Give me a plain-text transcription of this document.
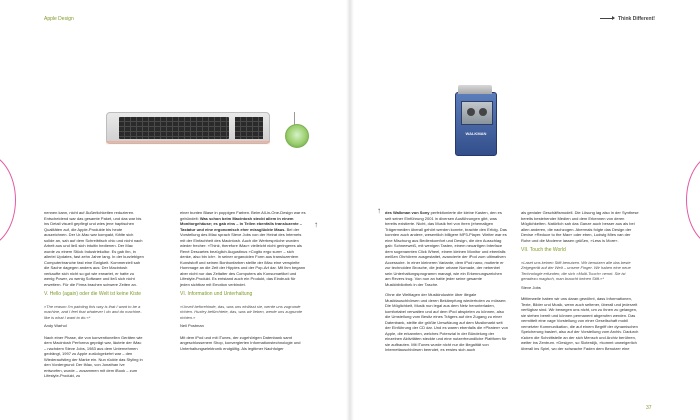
Apple Design	Think Different!
WALKMAN

nennen kann, nicht auf Äußerlichkeiten reduzieren. Entscheidend war das gesamte Paket, und das war bis ins Detail visuell gepflegt und wies jene haptischen Qualitäten auf, die Apple-Produkte bis heute auszeichnen. Der Ur-Mac war kompakt, fühlte sich solide an, sah auf dem Schreibtisch chic und nicht nach Arbeit aus und ließ sich intuitiv bedienen. Der Mac wurde zu einem Stück Industriekultur. Es gab ihn, in allerlei Updates, fast zehn Jahre lang. In der kurzlebigen Computerbranche fast eine Ewigkeit. Kommerziell sah die Sache dagegen anders aus: Der Macintosh verkaufte sich nicht so gut wie erwartet, er hatte zu wenig Power, zu wenig Software und ließ sich nicht erweitern. Für die Firma brachen schwere Zeiten an.

V. Hello (again) oder die Welt ist keine Kiste

»The reason I'm painting this way is that I want to be a machine, and I feel that whatever I do and do machine-like is what I want to do.«*

Andy Warhol

Nach einer Phase, die von konventionellen Geräten wie dem Macintosh Performa geprägt war, läutete der iMac – nachdem Steve Jobs, 1983 aus dem Unternehmen gedrängt, 1997 zu Apple zurückgekehrt war – den Wiederaufstieg der Marke ein. Nun rückte das Styling in den Vordergrund: Der iMac, von Jonathan Ive entworfen, wurde – zusammen mit dem iBook – zum Lifestyle-Produkt, zu

einer bunten Blase in poppigen Farben. Beim All-in-One-Design war es gebündelt: Was schon beim Macintosh steckt allem in einem Monitorgehäuse; es gab eins – in Teilen ebenfalls transluzente – Tastatur und eine ergonomisch eher missglückte Maus. Bei der Vorstellung des iMac sprach Steve Jobs von der Heirat des Internets mit der Einfachheit des Macintosh. Auch die Werbesprüche wurden wieder frecher: »Think, therefore iMac« vielleicht nicht geringeres als René Descartes bezüglich Augustinus »Cogito ergo sum« – sich denke, also bin ich«. In seiner organoiden Form aus transluzentem Kunststoff und seinen Bonbonfarben stellte der iMac eine verspielte Hommage an die Zeit der Hippies und der Pop-Art dar. Mit ihm begann aber nicht nur das Zeitalter des Computers als Konsumartikel und Lifestyle-Produkt. Es entstand auch ein Produkt, das Eindruck für jeden sichtbar mit Emotion verbindet.

VI. Information und Unterhaltung

»Unveil beforehinde, das, was uns einlässt sie, werde uns zugrunde richten. Huxley befürchtete, das, was wir lieben, werde uns zugrunde richten.«

Neil Postman

Mit dem iPod und mit iTunes, der zugehörigen Datenbank samt angeschlossenem Shop, konvergierten Informationstechnologie und Unterhaltungselektronik endgültig. Als legitimer Nachfolger

↑
↑ des Walkman von Sony perfektionierte die kleine Kasten, den es seit seiner Einführung 2001 in diversen Ausführungen gibt, was bereits existierte. Nicht, das Musik frei von ihren (ehemaligen Trägermedien überall gehört werden konnte, brachte den Erfolg. Das konnten auch andere, wesentlich billigere MP3-Player. Weiter war es eine Mischung aus Bedienkomfort und Design, die den Ausschlag gab: Schneeweiß, mit wenigen Tasten, einem neuartigen Interface dem sogenannten Click Wheel, einem kleinen Monitor und ebenfalls weißen Ohrhörern ausgestattet, avancierte der iPod zum ultimativen Accessoire. In einer kleineren Variante, dem iPod nano, mutierte er zur technoiden Brosche, die jeder urbane Nomade, der nebenbei sein Unterhaltungsprogramm managt, wie ein Erkennungszeichen am Revers trug. Von nun an hatte jeder seine gesamte Musikbibliothek in der Tasche.

Ohne die Weltlagen der Musikindustrie über illegale Musiktauschbörsen und deren Bekämpfung wiederholen zu müssen: Die Möglichkeit, Musik nun legal aus dem Netz herunterladen, komfortabel verwalten und auf dem iPod abspielen zu können, also die Umstellung vom Besitz eines Trägers auf den Zugang zu einer Datenbank, stellte die größte Umwälzung auf dem Musikmarkt seit der Einführung der CD dar. Und es waren ebenfalls die »Piraten« von Apple, die erkannten, welches Potenzial in der Bündelung der einzelnen Aktivitäten steckte und eine nutzerfreundliche Plattform für sie aufbauten. Mit iTunes wurde nicht nur die illegalität von Internettauschbörsen beendet, es erwies sich auch

als genialer Geschäftsmodell. Die Lösung lag also in der Synthese bereits bestehender Medien und dem Erkennen von deren Möglichkeiten. Natürlich sah das Ganze auch besser aus als bei allen anderen, die nachzogen. Abermals folgte das Design der Devise »Reduce to the Max« oder eben, Ludwig Mies van der Rohe und die Moderne lassen grüßen, »Less is More«.

VII. Touch the World

»Laset uns keinen Stift benutzen. Wir benutzen alle das beste Zeigegerät auf der Welt – unsere Finger. Wir haben eine neue Technologie erfunden, die sich »Multi-Touch« nennt. Sie ist geradezu magisch, man braucht keinen Stift.«*

Steve Jobs

Mittlerweile haben wir uns daran gewöhnt, dass Informationen, Texte, Bilder und Musik, wenn auch seltener, überall und jederzeit verfügbar sind. Wir bewegen uns nicht, um zu ihnen zu gelangen, sie stehen bereit und können permanent abgerufen werden. Das vermittelt eine vage Vorstellung von einer Gesellschaft mobil vernetzter Kommunikation, die auf einem Begriff der dynamischen Speicherung basiert, also auf der Vorstellung vom Archiv. Dadurch rücken die Schnittstelle an der sich Mensch und Archiv berühren, weiter ins Zentrum. »Design«, so Sloterdijk, »kommt unweigerlich überall ins Spiel, wo der schwache Faden dem Benutzer eine

37
